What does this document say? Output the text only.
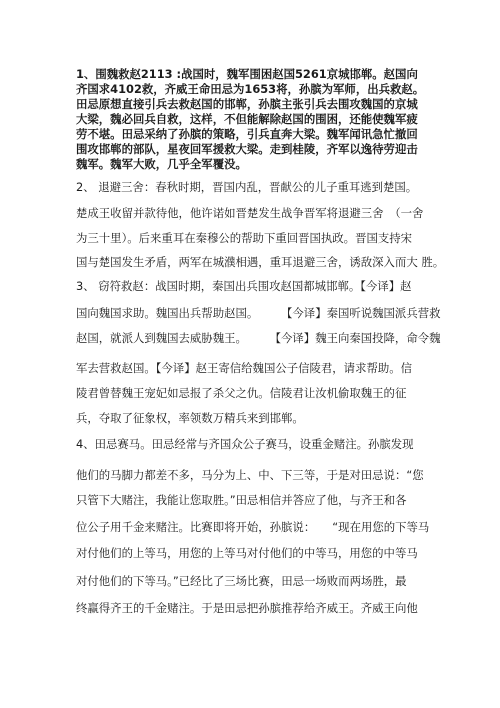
1、围魏救赵2113 :战国时，魏军围困赵国5261京城邯郸。赵国向
齐国求4102救，齐威王命田忌为1653将，孙膑为军师，出兵救赵。
田忌原想直接引兵去救赵国的邯郸，孙膑主张引兵去围攻魏国的京城
大梁，魏必回兵自救，这样，不但能解除赵国的围困，还能使魏军疲
劳不堪。田忌采纳了孙膑的策略，引兵直奔大梁。魏军闻讯急忙撤回
围攻邯郸的部队，星夜回军援救大梁。走到桂陵，齐军以逸待劳迎击
魏军。魏军大败，几乎全军覆没。
2、 退避三舍：春秋时期，晋国内乱，晋献公的儿子重耳逃到楚国。
楚成王收留并款待他，他许诺如晋楚发生战争晋军将退避三舍　（一舍
为三十里）。后来重耳在秦穆公的帮助下重回晋国执政。晋国支持宋
国与楚国发生矛盾，两军在城濮相遇，重耳退避三舍，诱敌深入而大 胜。
3、 窃符救赵：战国时期，秦国出兵围攻赵国都城邯郸。【今译】赵
国向魏国求助。魏国出兵帮助赵国。　　　【今译】秦国听说魏国派兵营救
赵国，就派人到魏国去威胁魏王。　　　【今译】魏王向秦国投降，命令魏
军去营救赵国。【今译】赵王寄信给魏国公子信陵君，请求帮助。信
陵君曾替魏王宠妃如忌报了杀父之仇。信陵君让汝机偷取魏王的征
兵，夺取了征象权，率领数万精兵来到邯郸。
4、田忌赛马。田忌经常与齐国众公子赛马，设重金赌注。孙膑发现
他们的马脚力都差不多，马分为上、中、下三等，于是对田忌说：“您
只管下大赌注，我能让您取胜。”田忌相信并答应了他，与齐王和各
位公子用千金来赌注。比赛即将开始，孙膑说：　　“现在用您的下等马
对付他们的上等马，用您的上等马对付他们的中等马，用您的中等马
对付他们的下等马。”已经比了三场比赛，田忌一场败而两场胜，最
终赢得齐王的千金赌注。于是田忌把孙膑推荐给齐威王。齐威王向他
